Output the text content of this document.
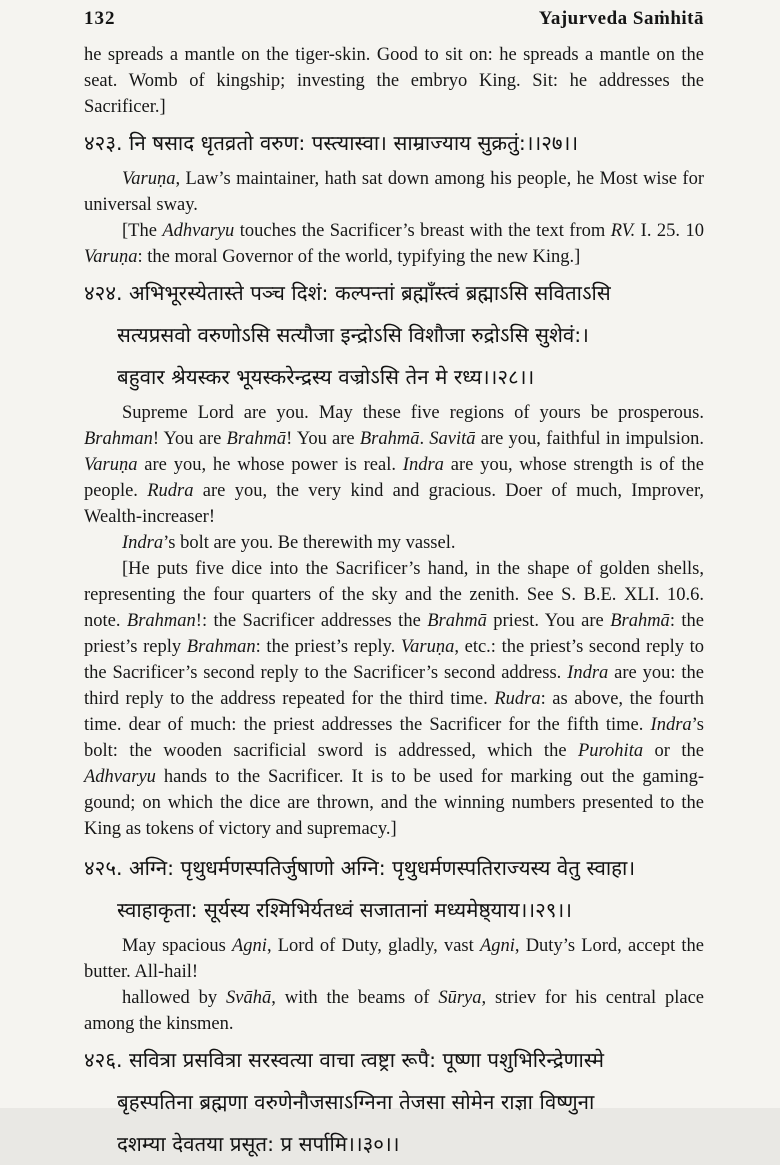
132	Yajurveda Saṁhitā

he spreads a mantle on the tiger-skin. Good to sit on: he spreads a mantle on the seat. Womb of kingship; investing the embryo King. Sit: he addresses the Sacrificer.]

४२३. नि षसाद धृतव्रतो वरुण: पस्त्यास्वा। साम्राज्याय सुक्रतुं:।।२७।।

Varuṇa, Law’s maintainer, hath sat down among his people, he Most wise for universal sway.

[The Adhvaryu touches the Sacrificer’s breast with the text from RV. I. 25. 10 Varuṇa: the moral Governor of the world, typifying the new King.]

४२४. अभिभूरस्येतास्ते पञ्च दिशं: कल्पन्तां ब्रह्माँस्त्वं ब्रह्माऽसि सविताऽसि
सत्यप्रसवो वरुणोऽसि सत्यौजा इन्द्रोऽसि विशौजा रुद्रोऽसि सुशेवं:।
बहुवार श्रेयस्कर भूयस्करेन्द्रस्य वज्रोऽसि तेन मे रध्य।।२८।।

Supreme Lord are you. May these five regions of yours be prosperous. Brahman! You are Brahmā! You are Brahmā. Savitā are you, faithful in impulsion. Varuṇa are you, he whose power is real. Indra are you, whose strength is of the people. Rudra are you, the very kind and gracious. Doer of much, Improver, Wealth-increaser!

Indra’s bolt are you. Be therewith my vassel.

[He puts five dice into the Sacrificer’s hand, in the shape of golden shells, representing the four quarters of the sky and the zenith. See S. B.E. XLI. 10.6. note. Brahman!: the Sacrificer addresses the Brahmā priest. You are Brahmā: the priest’s reply Brahman: the priest’s reply. Varuṇa, etc.: the priest’s second reply to the Sacrificer’s second reply to the Sacrificer’s second address. Indra are you: the third reply to the address repeated for the third time. Rudra: as above, the fourth time. dear of much: the priest addresses the Sacrificer for the fifth time. Indra’s bolt: the wooden sacrificial sword is addressed, which the Purohita or the Adhvaryu hands to the Sacrificer. It is to be used for marking out the gaming-gound; on which the dice are thrown, and the winning numbers presented to the King as tokens of victory and supremacy.]

४२५. अग्नि: पृथुधर्मणस्पतिर्जुषाणो अग्नि: पृथुधर्मणस्पतिराज्यस्य वेतु स्वाहा।
स्वाहाकृता: सूर्यस्य रश्मिभिर्यतध्वं सजातानां मध्यमेष्ठ्याय।।२९।।

May spacious Agni, Lord of Duty, gladly, vast Agni, Duty’s Lord, accept the butter. All-hail!

hallowed by Svāhā, with the beams of Sūrya, striev for his central place among the kinsmen.

४२६. सवित्रा प्रसवित्रा सरस्वत्या वाचा त्वष्ट्रा रूपै: पूष्णा पशुभिरिन्द्रेणास्मे
बृहस्पतिना ब्रह्मणा वरुणेनौजसाऽग्निना तेजसा सोमेन राज्ञा विष्णुना
दशम्या देवतया प्रसूत: प्र सर्पामि।।३०।।
